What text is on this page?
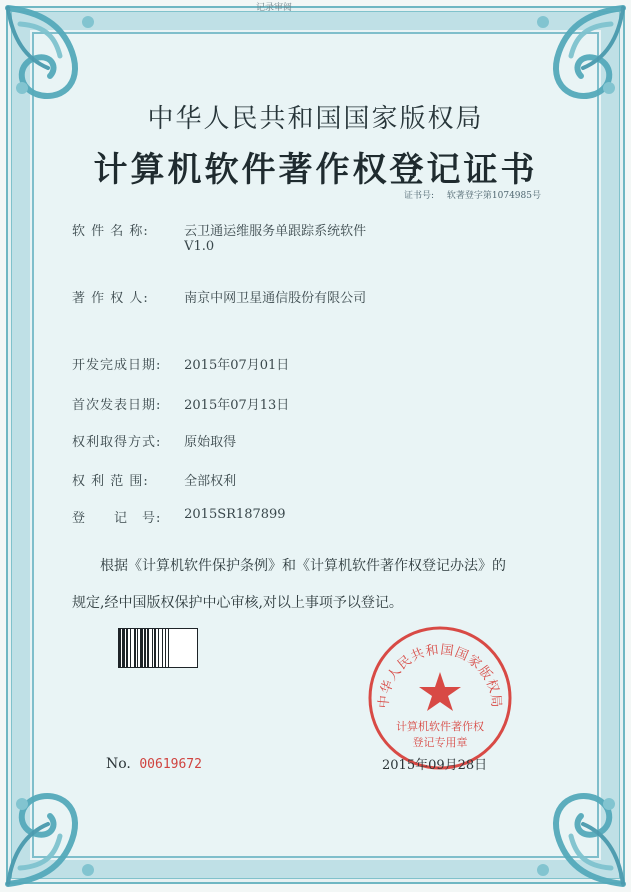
记录审阅
中华人民共和国国家版权局
计算机软件著作权登记证书
证书号: 软著登字第1074985号
软 件 名 称:	云卫通运维服务单跟踪系统软件
V1.0
著 作 权 人:	南京中网卫星通信股份有限公司
开发完成日期: 2015年07月01日
首次发表日期: 2015年07月13日
权利取得方式: 原始取得
权 利 范 围:	全部权利
登　　记　号: 2015SR187899
根据《计算机软件保护条例》和《计算机软件著作权登记办法》的
规定,经中国版权保护中心审核,对以上事项予以登记。
中华人民共和国国家版权局
计算机软件著作权
登记专用章
No. 00619672	2015年09月28日
